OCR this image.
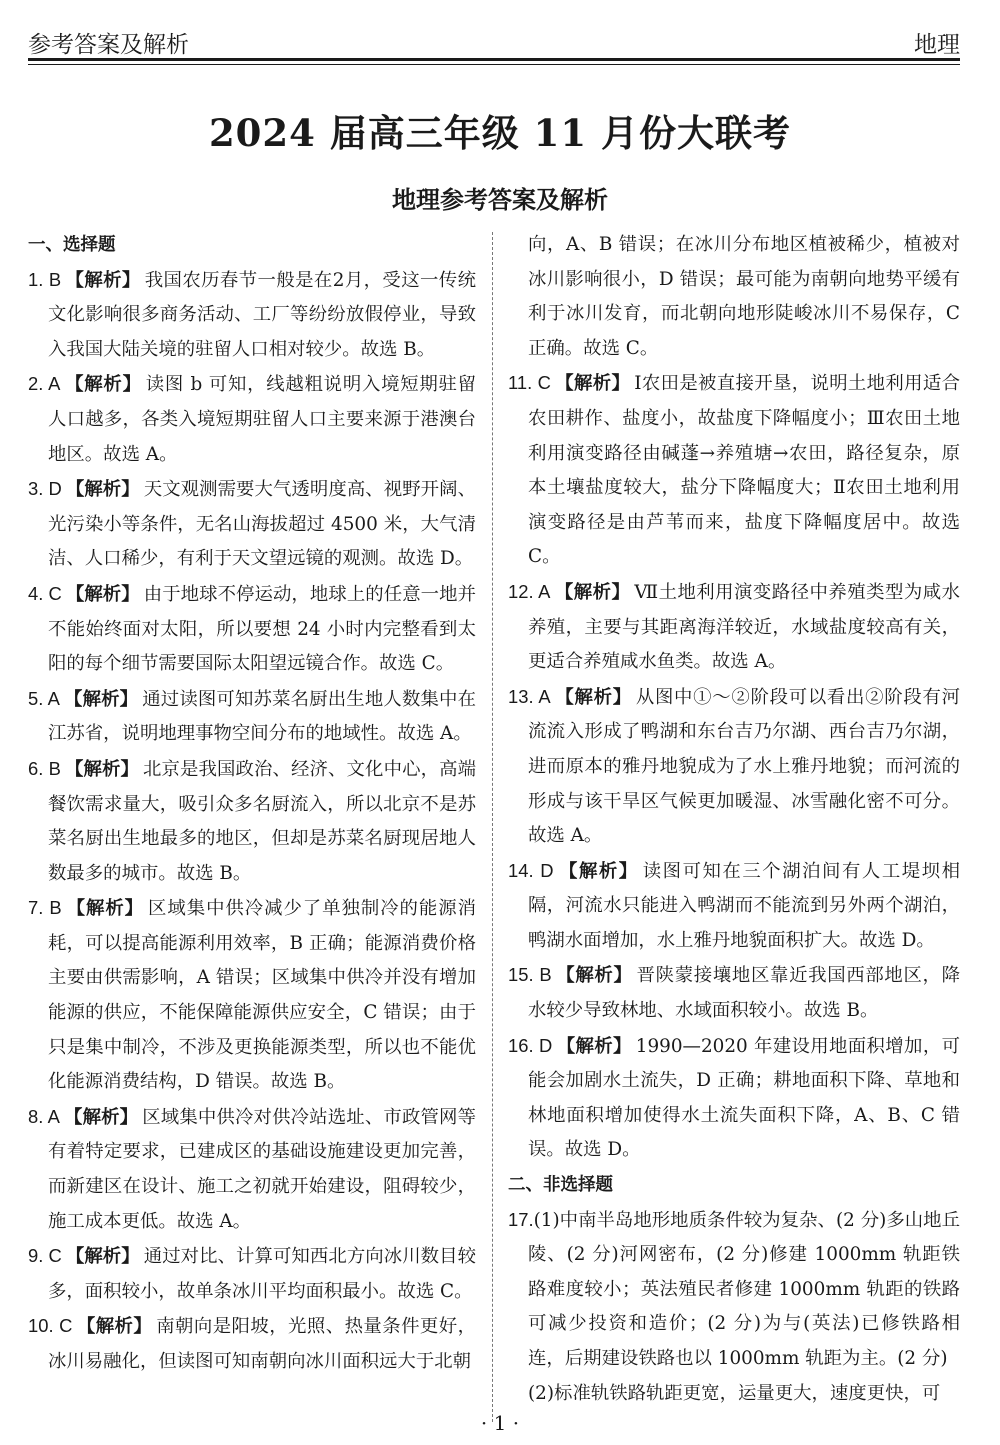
参考答案及解析	地理
2024 届高三年级 11 月份大联考
地理参考答案及解析
一、选择题
1. B 【解析】 我国农历春节一般是在2月，受这一传统文化影响很多商务活动、工厂等纷纷放假停业，导致入我国大陆关境的驻留人口相对较少。故选 B。
2. A 【解析】 读图 b 可知，线越粗说明入境短期驻留人口越多，各类入境短期驻留人口主要来源于港澳台地区。故选 A。
3. D 【解析】 天文观测需要大气透明度高、视野开阔、光污染小等条件，无名山海拔超过 4500 米，大气清洁、人口稀少，有利于天文望远镜的观测。故选 D。
4. C 【解析】 由于地球不停运动，地球上的任意一地并不能始终面对太阳，所以要想 24 小时内完整看到太阳的每个细节需要国际太阳望远镜合作。故选 C。
5. A 【解析】 通过读图可知苏菜名厨出生地人数集中在江苏省，说明地理事物空间分布的地域性。故选 A。
6. B 【解析】 北京是我国政治、经济、文化中心，高端餐饮需求量大，吸引众多名厨流入，所以北京不是苏菜名厨出生地最多的地区，但却是苏菜名厨现居地人数最多的城市。故选 B。
7. B 【解析】 区域集中供冷减少了单独制冷的能源消耗，可以提高能源利用效率，B 正确；能源消费价格主要由供需影响，A 错误；区域集中供冷并没有增加能源的供应，不能保障能源供应安全，C 错误；由于只是集中制冷，不涉及更换能源类型，所以也不能优化能源消费结构，D 错误。故选 B。
8. A 【解析】 区域集中供冷对供冷站选址、市政管网等有着特定要求，已建成区的基础设施建设更加完善，而新建区在设计、施工之初就开始建设，阻碍较少，施工成本更低。故选 A。
9. C 【解析】 通过对比、计算可知西北方向冰川数目较多，面积较小，故单条冰川平均面积最小。故选 C。
10. C 【解析】 南朝向是阳坡，光照、热量条件更好，冰川易融化，但读图可知南朝向冰川面积远大于北朝
向，A、B 错误；在冰川分布地区植被稀少，植被对冰川影响很小，D 错误；最可能为南朝向地势平缓有利于冰川发育，而北朝向地形陡峻冰川不易保存，C 正确。故选 C。
11. C 【解析】 Ⅰ农田是被直接开垦，说明土地利用适合农田耕作、盐度小，故盐度下降幅度小；Ⅲ农田土地利用演变路径由碱蓬→养殖塘→农田，路径复杂，原本土壤盐度较大，盐分下降幅度大；Ⅱ农田土地利用演变路径是由芦苇而来，盐度下降幅度居中。故选 C。
12. A 【解析】 Ⅶ土地利用演变路径中养殖类型为咸水养殖，主要与其距离海洋较近，水域盐度较高有关，更适合养殖咸水鱼类。故选 A。
13. A 【解析】 从图中①～②阶段可以看出②阶段有河流流入形成了鸭湖和东台吉乃尔湖、西台吉乃尔湖，进而原本的雅丹地貌成为了水上雅丹地貌；而河流的形成与该干旱区气候更加暖湿、冰雪融化密不可分。故选 A。
14. D 【解析】 读图可知在三个湖泊间有人工堤坝相隔，河流水只能进入鸭湖而不能流到另外两个湖泊，鸭湖水面增加，水上雅丹地貌面积扩大。故选 D。
15. B 【解析】 晋陕蒙接壤地区靠近我国西部地区，降水较少导致林地、水域面积较小。故选 B。
16. D 【解析】 1990—2020 年建设用地面积增加，可能会加剧水土流失，D 正确；耕地面积下降、草地和林地面积增加使得水土流失面积下降，A、B、C 错误。故选 D。
二、非选择题
17.(1)中南半岛地形地质条件较为复杂、(2 分)多山地丘陵、(2 分)河网密布，(2 分)修建 1000mm 轨距铁路难度较小；英法殖民者修建 1000mm 轨距的铁路可减少投资和造价；(2 分)为与(英法)已修铁路相连，后期建设铁路也以 1000mm 轨距为主。(2 分)
(2)标准轨铁路轨距更宽，运量更大，速度更快，可
· 1 ·
